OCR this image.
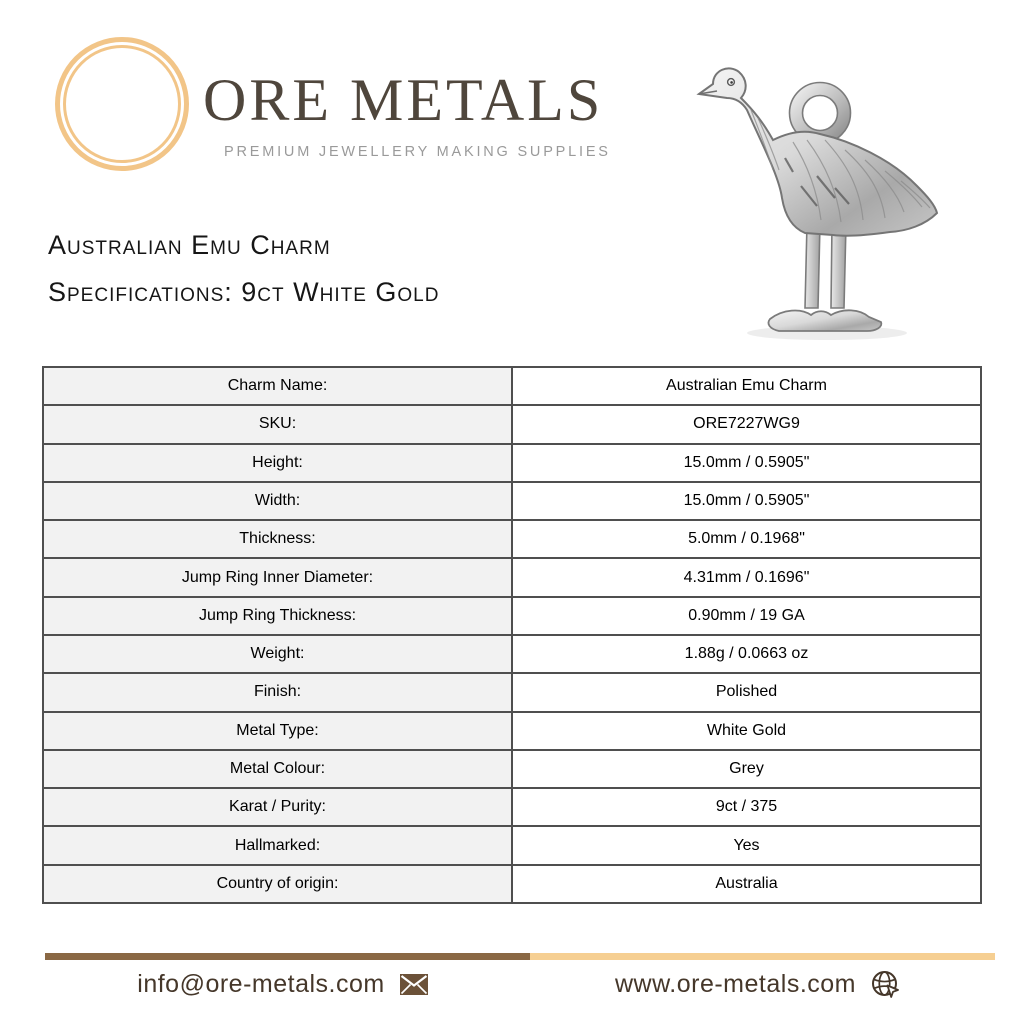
ORE METALS
PREMIUM JEWELLERY MAKING SUPPLIES
Australian Emu Charm
Specifications: 9ct White Gold
Charm Name:	Australian Emu Charm
SKU:	ORE7227WG9
Height:	15.0mm / 0.5905"
Width:	15.0mm / 0.5905"
Thickness:	5.0mm / 0.1968"
Jump Ring Inner Diameter:	4.31mm / 0.1696"
Jump Ring Thickness:	0.90mm / 19 GA
Weight:	1.88g / 0.0663 oz
Finish:	Polished
Metal Type:	White Gold
Metal Colour:	Grey
Karat / Purity:	9ct / 375
Hallmarked:	Yes
Country of origin:	Australia
info@ore-metals.com	www.ore-metals.com
